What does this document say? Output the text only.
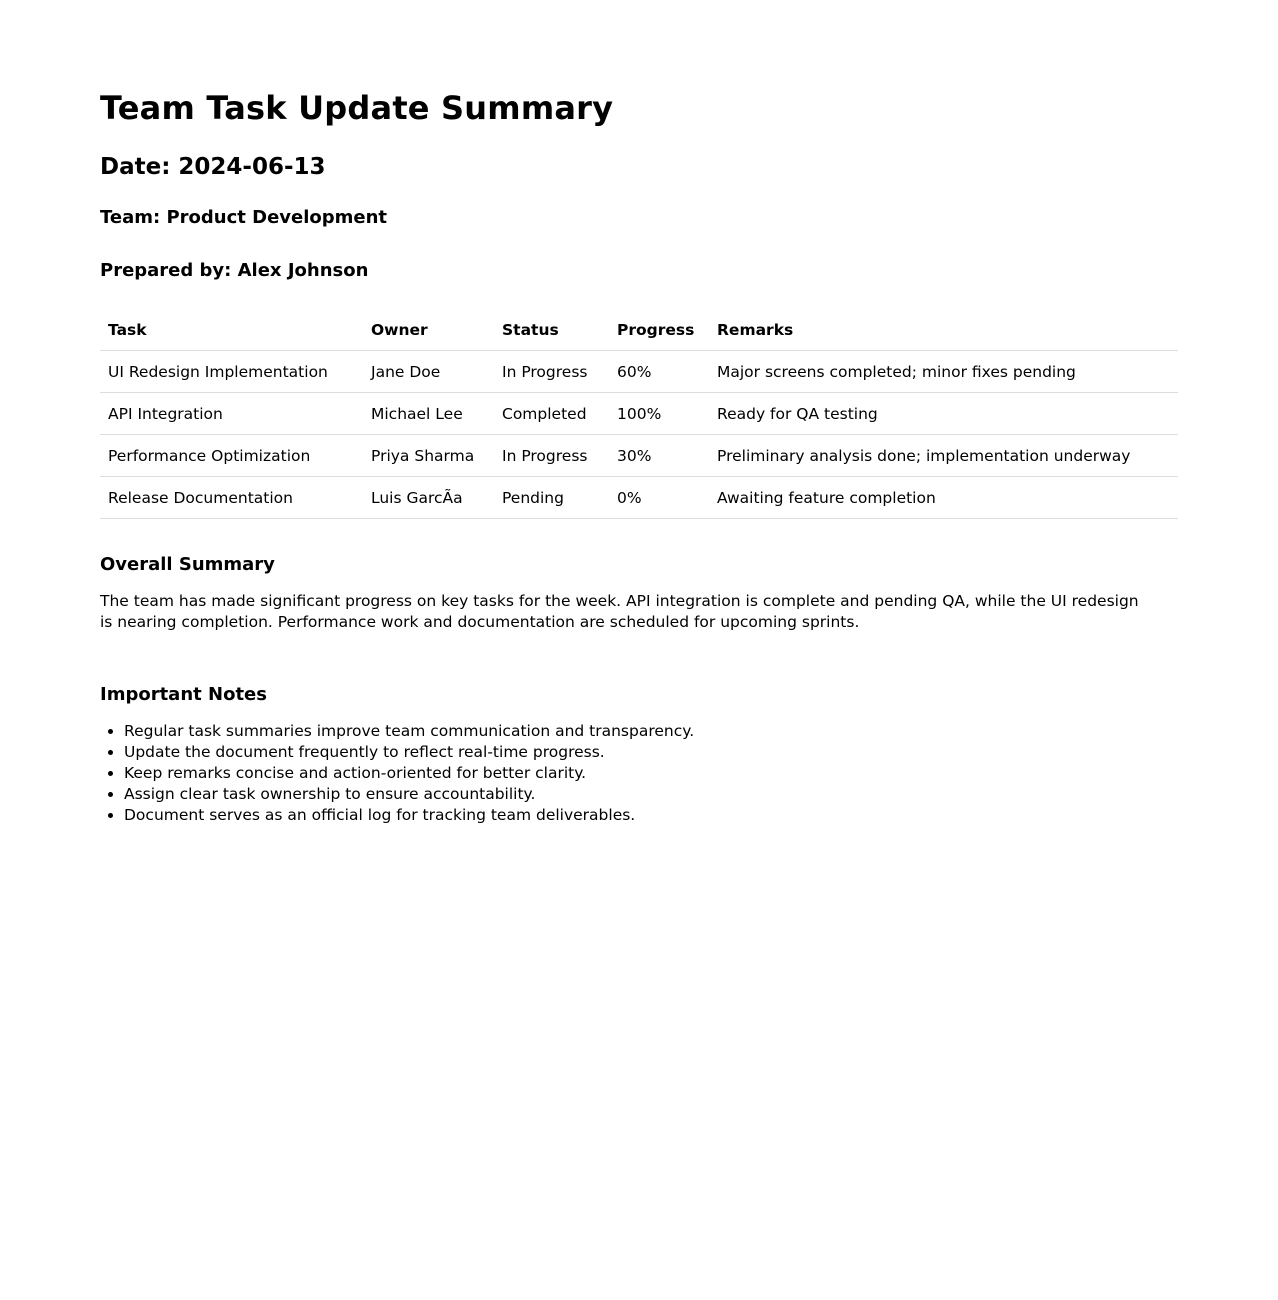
Team Task Update Summary
Date: 2024-06-13
Team: Product Development
Prepared by: Alex Johnson
Task	Owner	Status	Progress	Remarks
UI Redesign Implementation	Jane Doe	In Progress	60%	Major screens completed; minor fixes pending
API Integration	Michael Lee	Completed	100%	Ready for QA testing
Performance Optimization	Priya Sharma	In Progress	30%	Preliminary analysis done; implementation underway
Release Documentation	Luis GarcÃa	Pending	0%	Awaiting feature completion
Overall Summary

The team has made significant progress on key tasks for the week. API integration is complete and pending QA, while the UI redesign is nearing completion. Performance work and documentation are scheduled for upcoming sprints.

Important Notes
• Regular task summaries improve team communication and transparency.
• Update the document frequently to reflect real-time progress.
• Keep remarks concise and action-oriented for better clarity.
• Assign clear task ownership to ensure accountability.
• Document serves as an official log for tracking team deliverables.
